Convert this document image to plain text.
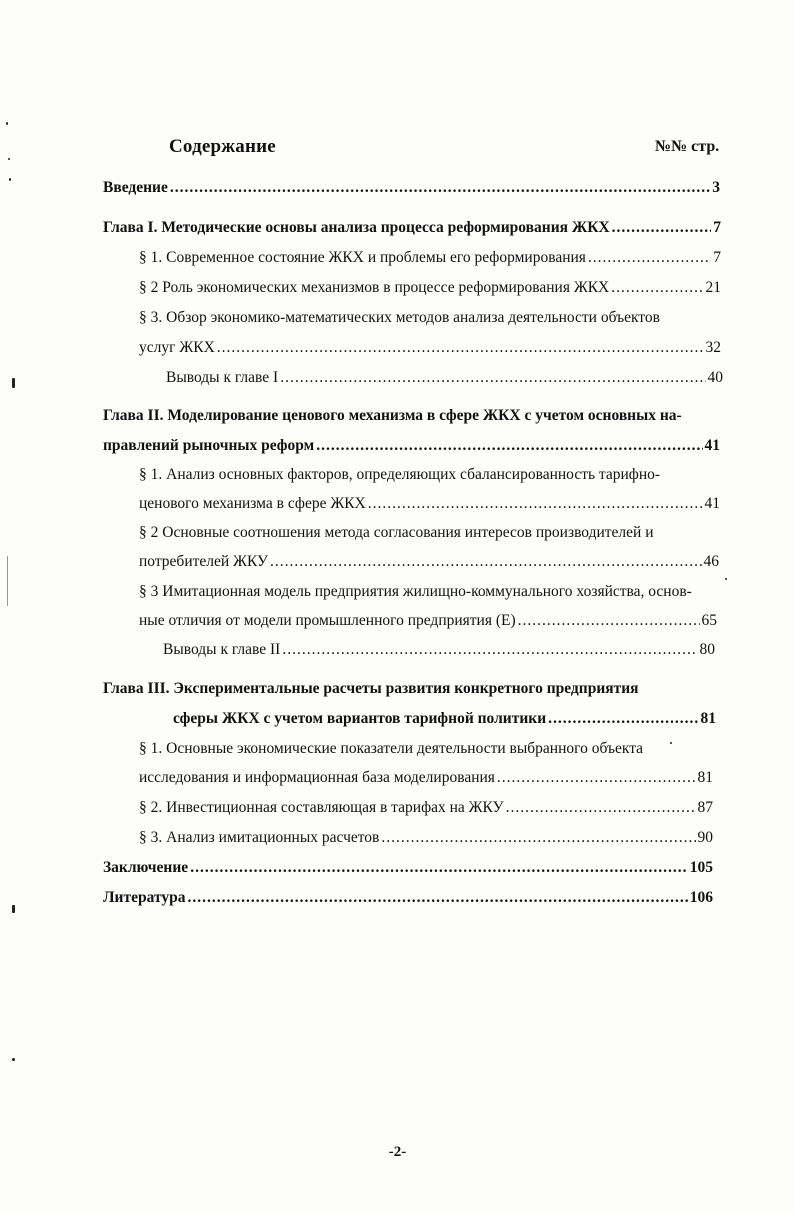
Содержание	№№ стр.
Введение .....	3
Глава I. Методические основы анализа процесса реформирования ЖКХ .....	7
§ 1. Современное состояние ЖКХ и проблемы его реформирования .....	7
§ 2 Роль экономических механизмов в процессе реформирования ЖКХ .....	21
§ 3. Обзор экономико-математических методов анализа деятельности объектов
услуг ЖКХ .....	32
Выводы к главе I .....	40
Глава II. Моделирование ценового механизма в сфере ЖКХ с учетом основных на-
правлений рыночных реформ .....	41
§ 1. Анализ основных факторов, определяющих сбалансированность тарифно-
ценового механизма в сфере ЖКХ .....	41
§ 2 Основные соотношения метода согласования интересов производителей и
потребителей ЖКУ .....	46
§ 3 Имитационная модель предприятия жилищно-коммунального хозяйства, основ-
ные отличия от модели промышленного предприятия (Е) .....	65
Выводы к главе II .....	80
Глава III. Экспериментальные расчеты развития конкретного предприятия
сферы ЖКХ с учетом вариантов тарифной политики .....	81
§ 1. Основные экономические показатели деятельности выбранного объекта
исследования и информационная база моделирования .....	81
§ 2. Инвестиционная составляющая в тарифах на ЖКУ .....	87
§ 3. Анализ имитационных расчетов .....	90
Заключение .....	105
Литература .....	106
-2-
